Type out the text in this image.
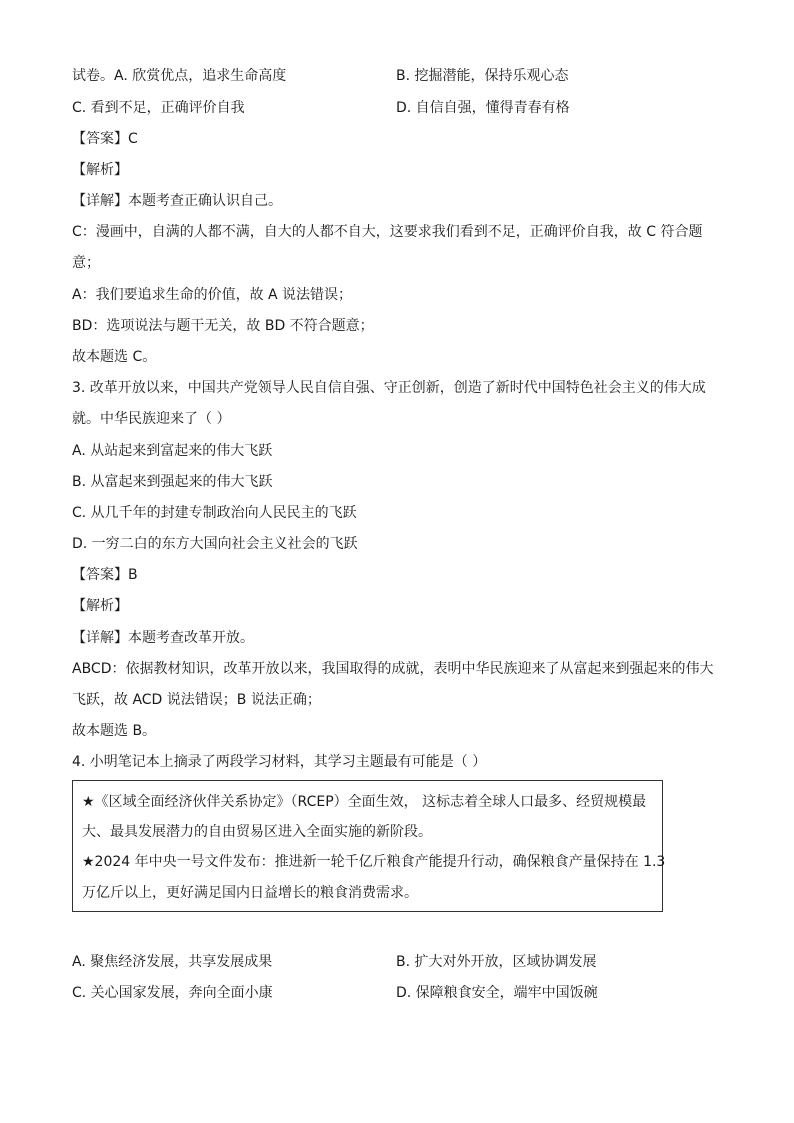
试卷。A. 欣赏优点，追求生命高度	B. 挖掘潜能，保持乐观心态
C. 看到不足，正确评价自我	D. 自信自强，懂得青春有格
【答案】C
【解析】
【详解】本题考查正确认识自己。
C：漫画中，自满的人都不满，自大的人都不自大，这要求我们看到不足，正确评价自我，故 C 符合题
意；
A：我们要追求生命的价值，故 A 说法错误；
BD：选项说法与题干无关，故 BD 不符合题意；
故本题选 C。
3. 改革开放以来，中国共产党领导人民自信自强、守正创新，创造了新时代中国特色社会主义的伟大成
就。中华民族迎来了（ ）
A. 从站起来到富起来的伟大飞跃
B. 从富起来到强起来的伟大飞跃
C. 从几千年的封建专制政治向人民民主的飞跃
D. 一穷二白的东方大国向社会主义社会的飞跃
【答案】B
【解析】
【详解】本题考查改革开放。
ABCD：依据教材知识，改革开放以来，我国取得的成就，表明中华民族迎来了从富起来到强起来的伟大
飞跃，故 ACD 说法错误；B 说法正确；
故本题选 B。
4. 小明笔记本上摘录了两段学习材料，其学习主题最有可能是（ ）
★《区域全面经济伙伴关系协定》（RCEP）全面生效， 这标志着全球人口最多、经贸规模最
大、最具发展潜力的自由贸易区进入全面实施的新阶段。
★2024 年中央一号文件发布：推进新一轮千亿斤粮食产能提升行动，确保粮食产量保持在 1.3
万亿斤以上，更好满足国内日益增长的粮食消费需求。
A. 聚焦经济发展，共享发展成果	B. 扩大对外开放，区域协调发展
C. 关心国家发展，奔向全面小康	D. 保障粮食安全，端牢中国饭碗
